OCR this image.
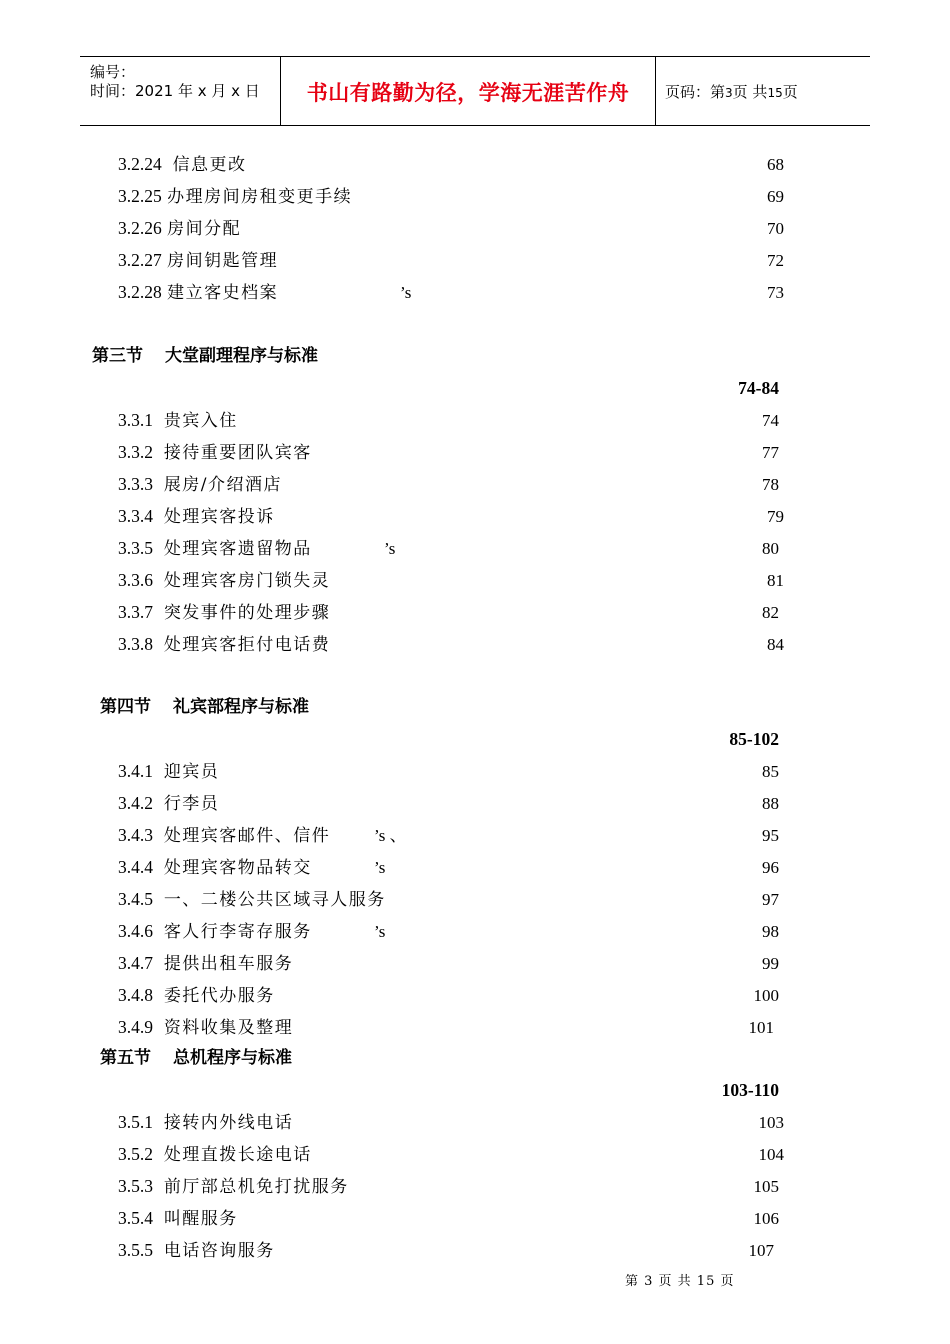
编号：
时间：2021 年 x 月 x 日	书山有路勤为径，学海无涯苦作舟	页码：第3页 共15页
3.2.24 信息更改	68
3.2.25 办理房间房租变更手续	69
3.2.26 房间分配	70
3.2.27 房间钥匙管理	72
3.2.28 建立客史档案	’s	73
第三节 大堂副理程序与标准
74-84
3.3.1 贵宾入住	74
3.3.2 接待重要团队宾客	77
3.3.3 展房/介绍酒店	78
3.3.4 处理宾客投诉	79
3.3.5 处理宾客遗留物品	’s	80
3.3.6 处理宾客房门锁失灵	81
3.3.7 突发事件的处理步骤	82
3.3.8 处理宾客拒付电话费	84
第四节 礼宾部程序与标准
85-102
3.4.1 迎宾员	85
3.4.2 行李员	88
3.4.3 处理宾客邮件、信件	’s 、	95
3.4.4 处理宾客物品转交	’s	96
3.4.5 一、二楼公共区域寻人服务	97
3.4.6 客人行李寄存服务	’s	98
3.4.7 提供出租车服务	99
3.4.8 委托代办服务	100
3.4.9 资料收集及整理	101
第五节 总机程序与标准
103-110
3.5.1 接转内外线电话	103
3.5.2 处理直拨长途电话	104
3.5.3 前厅部总机免打扰服务	105
3.5.4 叫醒服务	106
3.5.5 电话咨询服务	107
第 3 页 共 15 页
